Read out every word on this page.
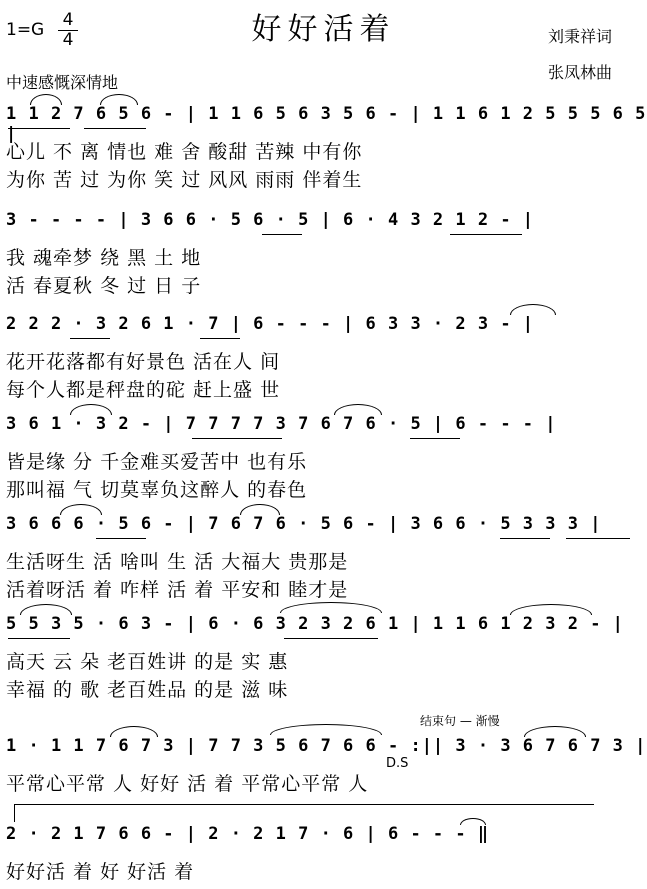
好好活着
1=G 4
4
中速感慨深情地
刘秉祥词
张凤林曲
1 1 2 7 6 5 6 - | 1 1 6 5 6 3 5 6 - | 1 1 6 1 2 5 5 5 6 5 |
心儿 不 离 情也 难 舍 酸甜 苦辣 中有你
为你 苦 过 为你 笑 过 风风 雨雨 伴着生
3 - - - - | 3 6 6 · 5 6 · 5 | 6 · 4 3 2 1 2 - |
我 魂牵梦 绕 黑 土 地
活 春夏秋 冬 过 日 子
2 2 2 · 3 2 6 1 · 7 | 6 - - - | 6 3 3 · 2 3 - |
花开花落都有好景色 活在人 间
每个人都是秤盘的砣 赶上盛 世
3 6 1 · 3 2 - | 7 7 7 7 3 7 6 7 6 · 5 | 6 - - - |
皆是缘 分 千金难买爱苦中 也有乐
那叫福 气 切莫辜负这醉人 的春色
3 6 6 6 · 5 6 - | 7 6 7 6 · 5 6 - | 3 6 6 · 5 3 3 3 |
生活呀生 活 啥叫 生 活 大福大 贵那是
活着呀活 着 咋样 活 着 平安和 睦才是
5 5 3 5 · 6 3 - | 6 · 6 3 2 3 2 6 1 | 1 1 6 1 2 3 2 - |
高天 云 朵 老百姓讲 的是 实 惠
幸福 的 歌 老百姓品 的是 滋 味
结束句 — 渐慢
1 · 1 1 7 6 7 3 | 7 7 3 5 6 7 6 6 - :|| 3 · 3 6 7 6 7 3 |
D.S
平常心平常 人 好好 活 着 平常心平常 人
2 · 2 1 7 6 6 - | 2 · 2 1 7 · 6 | 6 - - - ‖
好好活 着 好 好活 着
